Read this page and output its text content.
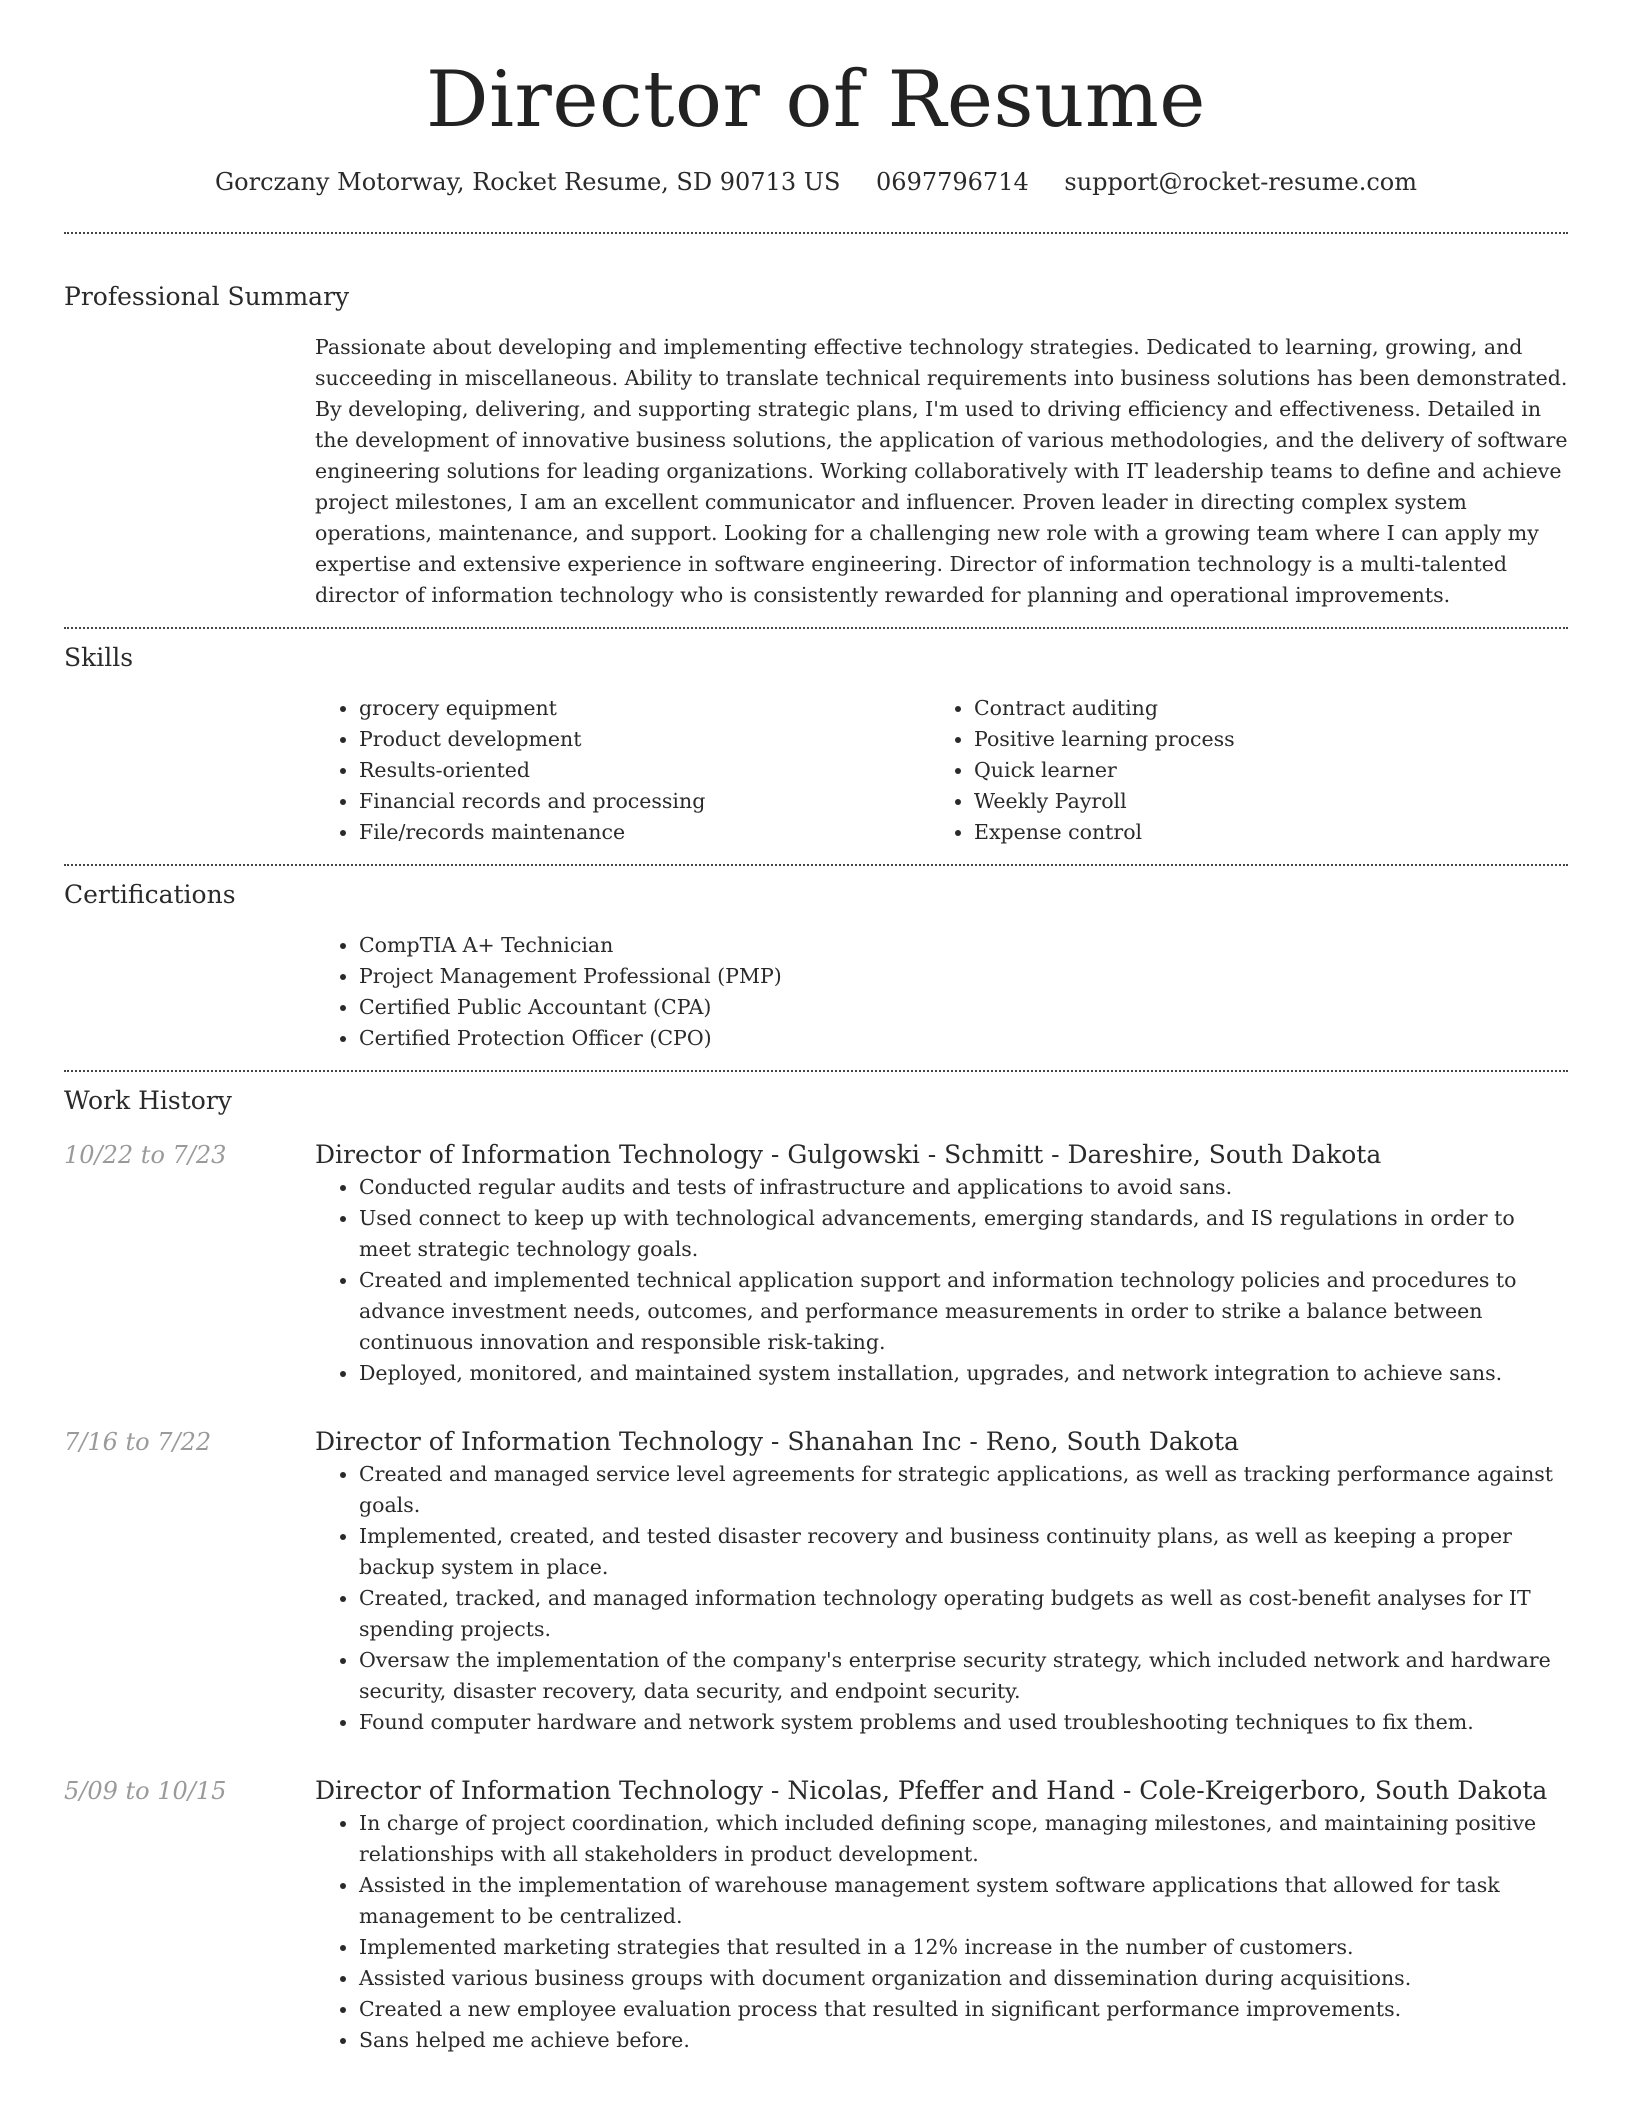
Director of Resume
Gorczany Motorway, Rocket Resume, SD 90713 US 0697796714 support@rocket-resume.com
Professional Summary
Passionate about developing and implementing effective technology strategies. Dedicated to learning, growing, and succeeding in miscellaneous. Ability to translate technical requirements into business solutions has been demonstrated. By developing, delivering, and supporting strategic plans, I'm used to driving efficiency and effectiveness. Detailed in the development of innovative business solutions, the application of various methodologies, and the delivery of software engineering solutions for leading organizations. Working collaboratively with IT leadership teams to define and achieve project milestones, I am an excellent communicator and influencer. Proven leader in directing complex system operations, maintenance, and support. Looking for a challenging new role with a growing team where I can apply my expertise and extensive experience in software engineering. Director of information technology is a multi-talented director of information technology who is consistently rewarded for planning and operational improvements.
Skills
• grocery equipment
• Product development
• Results-oriented
• Financial records and processing
• File/records maintenance
• Contract auditing
• Positive learning process
• Quick learner
• Weekly Payroll
• Expense control
Certifications
• CompTIA A+ Technician
• Project Management Professional (PMP)
• Certified Public Accountant (CPA)
• Certified Protection Officer (CPO)
Work History
10/22 to 7/23	Director of Information Technology - Gulgowski - Schmitt - Dareshire, South Dakota
• Conducted regular audits and tests of infrastructure and applications to avoid sans.
• Used connect to keep up with technological advancements, emerging standards, and IS regulations in order to meet strategic technology goals.
• Created and implemented technical application support and information technology policies and procedures to advance investment needs, outcomes, and performance measurements in order to strike a balance between continuous innovation and responsible risk-taking.
• Deployed, monitored, and maintained system installation, upgrades, and network integration to achieve sans.
7/16 to 7/22	Director of Information Technology - Shanahan Inc - Reno, South Dakota
• Created and managed service level agreements for strategic applications, as well as tracking performance against goals.
• Implemented, created, and tested disaster recovery and business continuity plans, as well as keeping a proper backup system in place.
• Created, tracked, and managed information technology operating budgets as well as cost-benefit analyses for IT spending projects.
• Oversaw the implementation of the company's enterprise security strategy, which included network and hardware security, disaster recovery, data security, and endpoint security.
• Found computer hardware and network system problems and used troubleshooting techniques to fix them.
5/09 to 10/15	Director of Information Technology - Nicolas, Pfeffer and Hand - Cole-Kreigerboro, South Dakota
• In charge of project coordination, which included defining scope, managing milestones, and maintaining positive relationships with all stakeholders in product development.
• Assisted in the implementation of warehouse management system software applications that allowed for task management to be centralized.
• Implemented marketing strategies that resulted in a 12% increase in the number of customers.
• Assisted various business groups with document organization and dissemination during acquisitions.
• Created a new employee evaluation process that resulted in significant performance improvements.
• Sans helped me achieve before.
